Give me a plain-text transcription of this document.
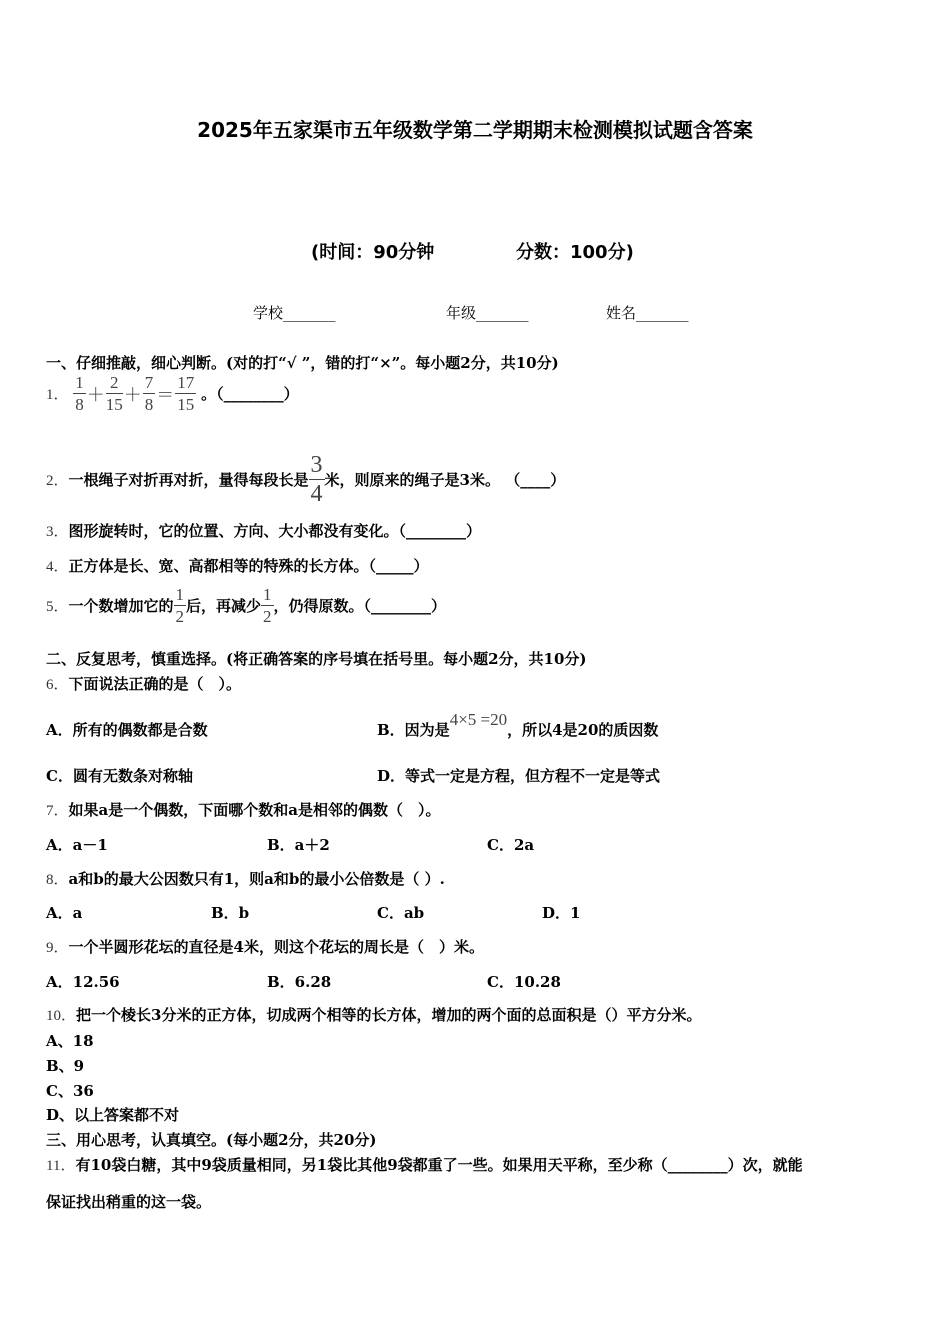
2025年五家渠市五年级数学第二学期期末检测模拟试题含答案
(时间：90分钟	分数：100分)
学校_______	年级_______	姓名_______
一、仔细推敲，细心判断。(对的打“√ ”，错的打“×”。每小题2分，共10分)
1． $\frac{1}{8} + \frac{2}{15} + \frac{7}{8} = \frac{17}{15}$ 。（________）
2．一根绳子对折再对折，量得每段长是 $\frac{3}{4}$ 米，则原来的绳子是3米。 （____）
3．图形旋转时，它的位置、方向、大小都没有变化。（________）
4．正方体是长、宽、高都相等的特殊的长方体。（_____）
5．一个数增加它的 $\frac{1}{2}$ 后，再减少 $\frac{1}{2}$ ，仍得原数。（________）
二、反复思考，慎重选择。(将正确答案的序号填在括号里。每小题2分，共10分)
6．下面说法正确的是（　）。
A．所有的偶数都是合数	B．因为是4×5 =20，所以4是20的质因数
C．圆有无数条对称轴	D．等式一定是方程，但方程不一定是等式
7．如果a是一个偶数，下面哪个数和a是相邻的偶数（　）。
A．a－1	B．a＋2	C．2a
8．a和b的最大公因数只有1，则a和b的最小公倍数是（ ）.
A．a	B．b	C．ab	D．1
9．一个半圆形花坛的直径是4米，则这个花坛的周长是（　）米。
A．12.56	B．6.28	C．10.28
10．把一个棱长3分米的正方体，切成两个相等的长方体，增加的两个面的总面积是（）平方分米。
A、18
B、9
C、36
D、以上答案都不对
三、用心思考，认真填空。(每小题2分，共20分)
11．有10袋白糖，其中9袋质量相同，另1袋比其他9袋都重了一些。如果用天平称，至少称（________）次，就能
保证找出稍重的这一袋。
